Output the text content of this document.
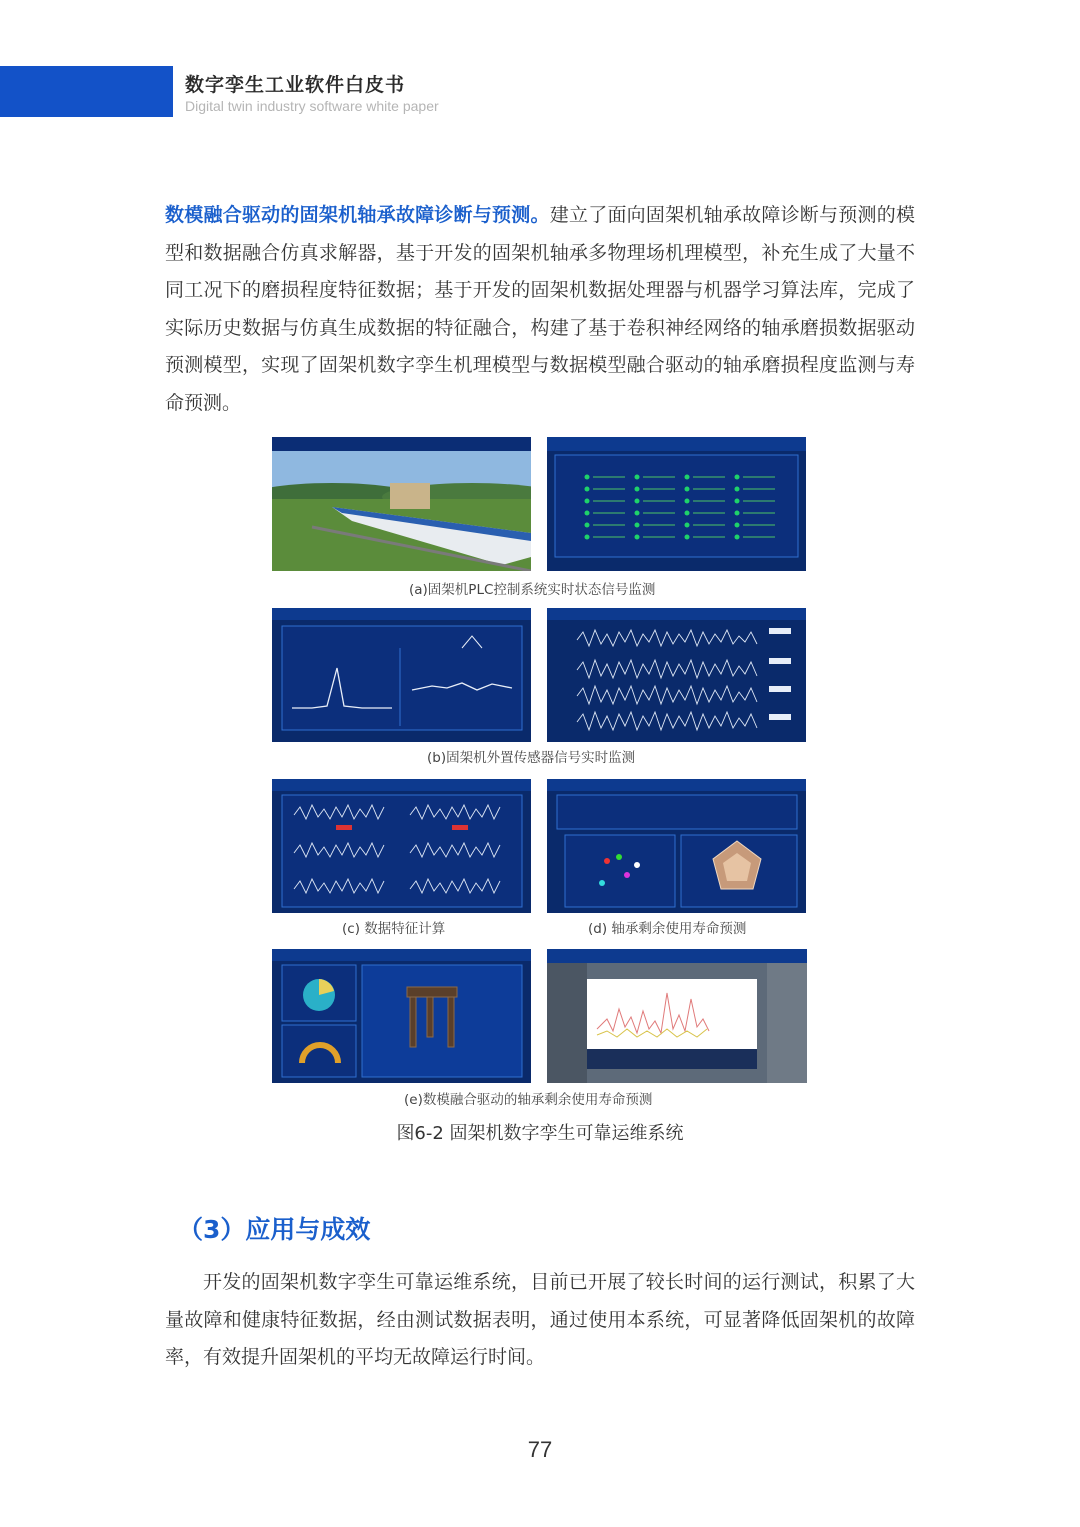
数字孪生工业软件白皮书
Digital twin industry software white paper
数模融合驱动的固架机轴承故障诊断与预测。建立了面向固架机轴承故障诊断与预测的模型和数据融合仿真求解器，基于开发的固架机轴承多物理场机理模型，补充生成了大量不同工况下的磨损程度特征数据；基于开发的固架机数据处理器与机器学习算法库，完成了实际历史数据与仿真生成数据的特征融合，构建了基于卷积神经网络的轴承磨损数据驱动预测模型，实现了固架机数字孪生机理模型与数据模型融合驱动的轴承磨损程度监测与寿命预测。
(a)固架机PLC控制系统实时状态信号监测
(b)固架机外置传感器信号实时监测
(c) 数据特征计算	(d) 轴承剩余使用寿命预测
(e)数模融合驱动的轴承剩余使用寿命预测
图6-2 固架机数字孪生可靠运维系统
（3）应用与成效
开发的固架机数字孪生可靠运维系统，目前已开展了较长时间的运行测试，积累了大量故障和健康特征数据，经由测试数据表明，通过使用本系统，可显著降低固架机的故障率，有效提升固架机的平均无故障运行时间。
77
